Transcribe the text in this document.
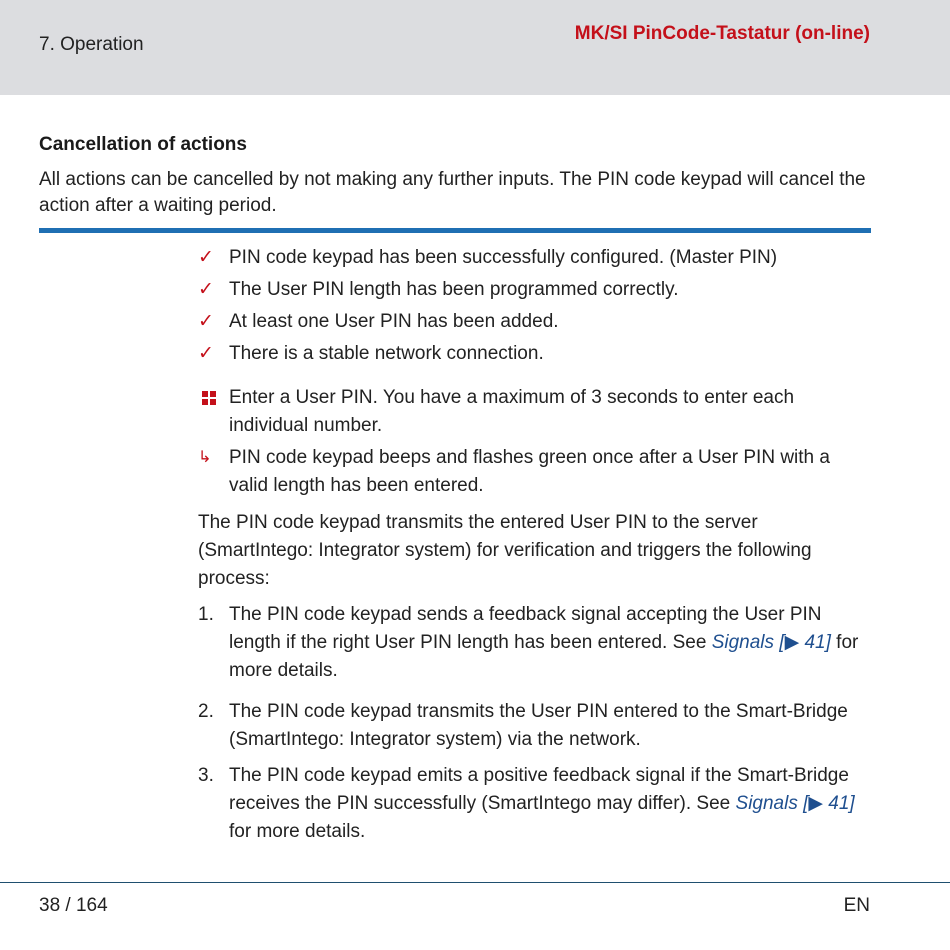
7. Operation
MK/SI PinCode-Tastatur (on-line)
Cancellation of actions
All actions can be cancelled by not making any further inputs. The PIN code keypad will cancel the action after a waiting period.
✓ PIN code keypad has been successfully configured. (Master PIN)
✓ The User PIN length has been programmed correctly.
✓ At least one User PIN has been added.
✓ There is a stable network connection.
Enter a User PIN. You have a maximum of 3 seconds to enter each individual number.
↳ PIN code keypad beeps and flashes green once after a User PIN with a valid length has been entered.
The PIN code keypad transmits the entered User PIN to the server (SmartIntego: Integrator system) for verification and triggers the following process:
1. The PIN code keypad sends a feedback signal accepting the User PIN length if the right User PIN length has been entered. See Signals [▶ 41] for more details.
2. The PIN code keypad transmits the User PIN entered to the Smart-Bridge (SmartIntego: Integrator system) via the network.
3. The PIN code keypad emits a positive feedback signal if the Smart-Bridge receives the PIN successfully (SmartIntego may differ). See Signals [▶ 41] for more details.
38 / 164	EN
